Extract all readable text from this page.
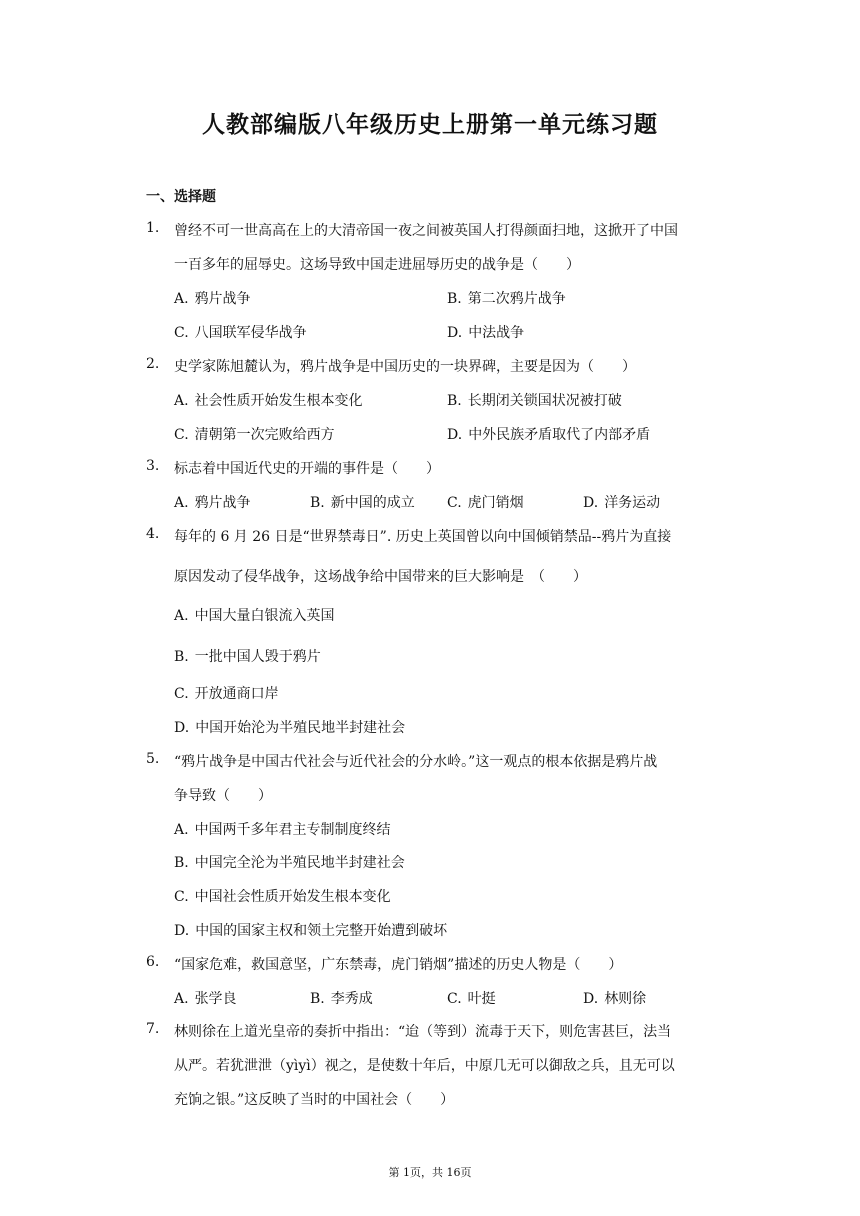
人教部编版八年级历史上册第一单元练习题
一、选择题
1. 曾经不可一世高高在上的大清帝国一夜之间被英国人打得颜面扫地，这掀开了中国
一百多年的屈辱史。这场导致中国走进屈辱历史的战争是（　　）
A. 鸦片战争	B. 第二次鸦片战争
C. 八国联军侵华战争	D. 中法战争
2. 史学家陈旭麓认为，鸦片战争是中国历史的一块界碑，主要是因为（　　）
A. 社会性质开始发生根本变化	B. 长期闭关锁国状况被打破
C. 清朝第一次完败给西方	D. 中外民族矛盾取代了内部矛盾
3. 标志着中国近代史的开端的事件是（　　）
A. 鸦片战争	B. 新中国的成立 C. 虎门销烟	D. 洋务运动
4. 每年的 6 月 26 日是“世界禁毒日”. 历史上英国曾以向中国倾销禁品--鸦片为直接
原因发动了侵华战争，这场战争给中国带来的巨大影响是　（　　）
A. 中国大量白银流入英国
B. 一批中国人毁于鸦片
C. 开放通商口岸
D. 中国开始沦为半殖民地半封建社会
5. “鸦片战争是中国古代社会与近代社会的分水岭。”这一观点的根本依据是鸦片战
争导致（　　）
A. 中国两千多年君主专制制度终结
B. 中国完全沦为半殖民地半封建社会
C. 中国社会性质开始发生根本变化
D. 中国的国家主权和领土完整开始遭到破坏
6. “国家危难，救国意坚，广东禁毒，虎门销烟”描述的历史人物是（　　）
A. 张学良	B. 李秀成	C. 叶挺	D. 林则徐
7. 林则徐在上道光皇帝的奏折中指出：“迨（等到）流毒于天下，则危害甚巨，法当
从严。若犹泄泄（yìyì）视之，是使数十年后，中原几无可以御敌之兵，且无可以
充饷之银。”这反映了当时的中国社会（　　）
第 1页，共 16页
